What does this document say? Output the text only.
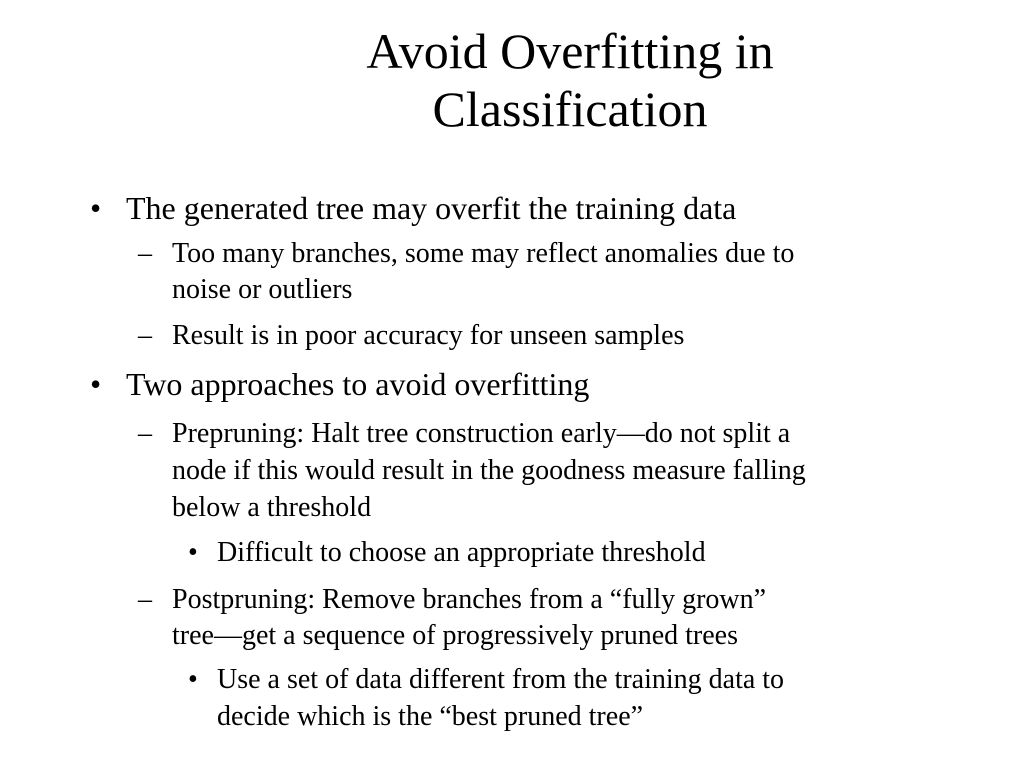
Avoid Overfitting in
Classification
• The generated tree may overfit the training data
– Too many branches, some may reflect anomalies due to
noise or outliers
– Result is in poor accuracy for unseen samples
• Two approaches to avoid overfitting
– Prepruning: Halt tree construction early—do not split a
node if this would result in the goodness measure falling
below a threshold
• Difficult to choose an appropriate threshold
– Postpruning: Remove branches from a “fully grown”
tree—get a sequence of progressively pruned trees
• Use a set of data different from the training data to
decide which is the “best pruned tree”
